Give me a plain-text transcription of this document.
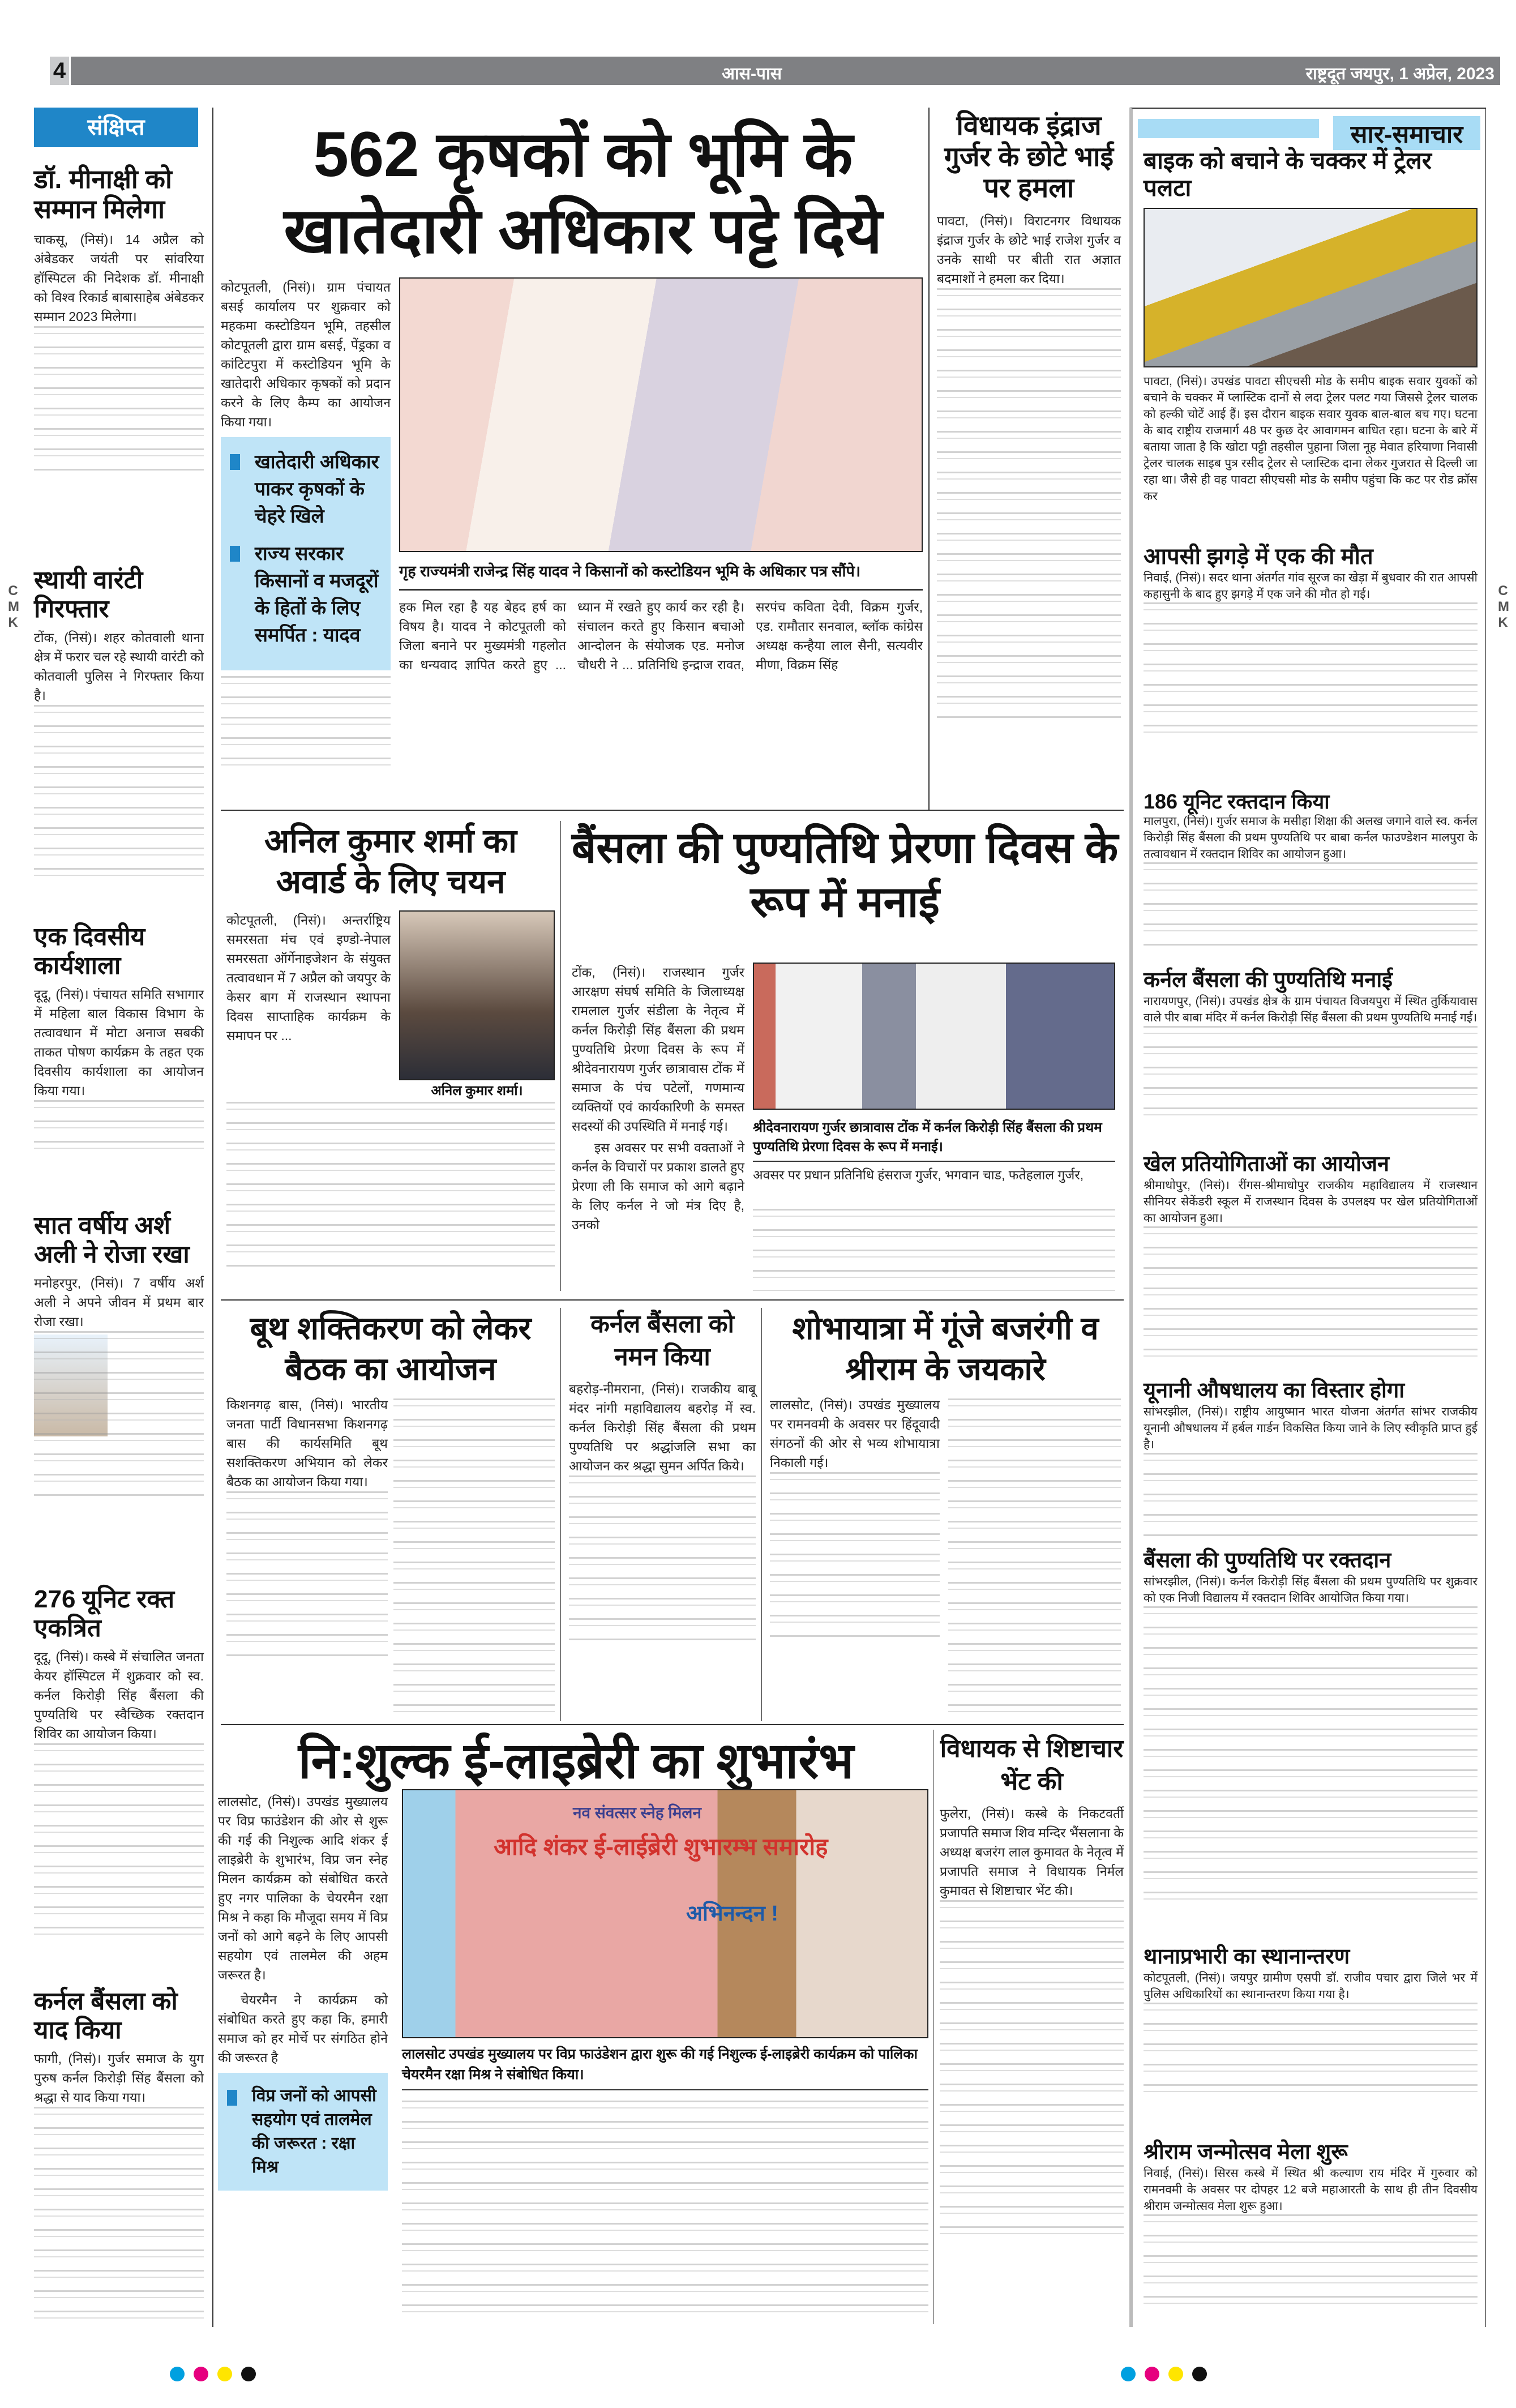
4	आस-पास	राष्ट्रदूत जयपुर, 1 अप्रेल, 2023
संक्षिप्त
डॉ. मीनाक्षी को सम्मान मिलेगा
चाकसू, (निसं)। 14 अप्रैल को अंबेडकर जयंती पर सांवरिया हॉस्पिटल की निदेशक डॉ. मीनाक्षी को विश्व रिकार्ड बाबासाहेब अंबेडकर सम्मान 2023 मिलेगा।
स्थायी वारंटी गिरफ्तार
टोंक, (निसं)। शहर कोतवाली थाना क्षेत्र में फरार चल रहे स्थायी वारंटी को कोतवाली पुलिस ने गिरफ्तार किया है।
एक दिवसीय कार्यशाला
दूदू, (निसं)। पंचायत समिति सभागार में महिला बाल विकास विभाग के तत्वावधान में मोटा अनाज सबकी ताकत पोषण कार्यक्रम के तहत एक दिवसीय कार्यशाला का आयोजन किया गया।
सात वर्षीय अर्श अली ने रोजा रखा
मनोहरपुर, (निसं)। 7 वर्षीय अर्श अली ने अपने जीवन में प्रथम बार रोजा रखा।
276 यूनिट रक्त एकत्रित
दूदू, (निसं)। कस्बे में संचालित जनता केयर हॉस्पिटल में शुक्रवार को स्व. कर्नल किरोड़ी सिंह बैंसला की पुण्यतिथि पर स्वैच्छिक रक्तदान शिविर का आयोजन किया।
कर्नल बैंसला को याद किया
फागी, (निसं)। गुर्जर समाज के युग पुरुष कर्नल किरोड़ी सिंह बैंसला को श्रद्धा से याद किया गया।
562 कृषकों को भूमि के खातेदारी अधिकार पट्टे दिये
कोटपूतली, (निसं)। ग्राम पंचायत बसई कार्यालय पर शुक्रवार को महकमा कस्टोडियन भूमि, तहसील कोटपूतली द्वारा ग्राम बसई, पेंड्रका व कांटिटपुरा में कस्टोडियन भूमि के खातेदारी अधिकार कृषकों को प्रदान करने के लिए कैम्प का आयोजन किया गया।
खातेदारी अधिकार पाकर कृषकों के चेहरे खिले
राज्य सरकार किसानों व मजदूरों के हितों के लिए समर्पित : यादव
गृह राज्यमंत्री राजेन्द्र सिंह यादव ने किसानों को कस्टोडियन भूमि के अधिकार पत्र सौंपे।
हक मिल रहा है यह बेहद हर्ष का विषय है। यादव ने कोटपूतली को जिला बनाने पर मुख्यमंत्री गहलोत का धन्यवाद ज्ञापित करते हुए ... ध्यान में रखते हुए कार्य कर रही है। संचालन करते हुए किसान बचाओ आन्दोलन के संयोजक एड. मनोज चौधरी ने ... प्रतिनिधि इन्द्राज रावत, सरपंच कविता देवी, विक्रम गुर्जर, एड. रामौतार सनवाल, ब्लॉक कांग्रेस अध्यक्ष कन्हैया लाल सैनी, सत्यवीर मीणा, विक्रम सिंह
विधायक इंद्राज गुर्जर के छोटे भाई पर हमला
पावटा, (निसं)। विराटनगर विधायक इंद्राज गुर्जर के छोटे भाई राजेश गुर्जर व उनके साथी पर बीती रात अज्ञात बदमाशों ने हमला कर दिया।
सार-समाचार
बाइक को बचाने के चक्कर में ट्रेलर पलटा
पावटा, (निसं)। उपखंड पावटा सीएचसी मोड के समीप बाइक सवार युवकों को बचाने के चक्कर में प्लास्टिक दानों से लदा ट्रेलर पलट गया जिससे ट्रेलर चालक को हल्की चोटें आई हैं। इस दौरान बाइक सवार युवक बाल-बाल बच गए। घटना के बाद राष्ट्रीय राजमार्ग 48 पर कुछ देर आवागमन बाधित रहा। घटना के बारे में बताया जाता है कि खोटा पट्टी तहसील पुहाना जिला नूह मेवात हरियाणा निवासी ट्रेलर चालक साइब पुत्र रसीद ट्रेलर से प्लास्टिक दाना लेकर गुजरात से दिल्ली जा रहा था। जैसे ही वह पावटा सीएचसी मोड के समीप पहुंचा कि कट पर रोड क्रॉस कर
आपसी झगड़े में एक की मौत
निवाई, (निसं)। सदर थाना अंतर्गत गांव सूरज का खेड़ा में बुधवार की रात आपसी कहासुनी के बाद हुए झगड़े में एक जने की मौत हो गई।
186 यूनिट रक्तदान किया
मालपुरा, (निसं)। गुर्जर समाज के मसीहा शिक्षा की अलख जगाने वाले स्व. कर्नल किरोड़ी सिंह बैंसला की प्रथम पुण्यतिथि पर बाबा कर्नल फाउण्डेशन मालपुरा के तत्वावधान में रक्तदान शिविर का आयोजन हुआ।
कर्नल बैंसला की पुण्यतिथि मनाई
नारायणपुर, (निसं)। उपखंड क्षेत्र के ग्राम पंचायत विजयपुरा में स्थित तुर्कियावास वाले पीर बाबा मंदिर में कर्नल किरोड़ी सिंह बैंसला की प्रथम पुण्यतिथि मनाई गई।
खेल प्रतियोगिताओं का आयोजन
श्रीमाधोपुर, (निसं)। रींगस-श्रीमाधोपुर राजकीय महाविद्यालय में राजस्थान सीनियर सेकेंडरी स्कूल में राजस्थान दिवस के उपलक्ष्य पर खेल प्रतियोगिताओं का आयोजन हुआ।
यूनानी औषधालय का विस्तार होगा
सांभरझील, (निसं)। राष्ट्रीय आयुष्मान भारत योजना अंतर्गत सांभर राजकीय यूनानी औषधालय में हर्बल गार्डन विकसित किया जाने के लिए स्वीकृति प्राप्त हुई है।
बैंसला की पुण्यतिथि पर रक्तदान
सांभरझील, (निसं)। कर्नल किरोड़ी सिंह बैंसला की प्रथम पुण्यतिथि पर शुक्रवार को एक निजी विद्यालय में रक्तदान शिविर आयोजित किया गया।
थानाप्रभारी का स्थानान्तरण
कोटपूतली, (निसं)। जयपुर ग्रामीण एसपी डॉ. राजीव पचार द्वारा जिले भर में पुलिस अधिकारियों का स्थानान्तरण किया गया है।
श्रीराम जन्मोत्सव मेला शुरू
निवाई, (निसं)। सिरस कस्बे में स्थित श्री कल्याण राय मंदिर में गुरुवार को रामनवमी के अवसर पर दोपहर 12 बजे महाआरती के साथ ही तीन दिवसीय श्रीराम जन्मोत्सव मेला शुरू हुआ।
अनिल कुमार शर्मा का अवार्ड के लिए चयन
कोटपूतली, (निसं)। अन्तर्राष्ट्रिय समरसता मंच एवं इण्डो-नेपाल समरसता ऑर्गेनाइजेशन के संयुक्त तत्वावधान में 7 अप्रैल को जयपुर के केसर बाग में राजस्थान स्थापना दिवस साप्ताहिक कार्यक्रम के समापन पर ...
अनिल कुमार शर्मा।
बैंसला की पुण्यतिथि प्रेरणा दिवस के रूप में मनाई
टोंक, (निसं)। राजस्थान गुर्जर आरक्षण संघर्ष समिति के जिलाध्यक्ष रामलाल गुर्जर संडीला के नेतृत्व में कर्नल किरोड़ी सिंह बैंसला की प्रथम पुण्यतिथि प्रेरणा दिवस के रूप में श्रीदेवनारायण गुर्जर छात्रावास टोंक में समाज के पंच पटेलों, गणमान्य व्यक्तियों एवं कार्यकारिणी के समस्त सदस्यों की उपस्थिति में मनाई गई।
इस अवसर पर सभी वक्ताओं ने कर्नल के विचारों पर प्रकाश डालते हुए प्रेरणा ली कि समाज को आगे बढ़ाने के लिए कर्नल ने जो मंत्र दिए है, उनको
श्रीदेवनारायण गुर्जर छात्रावास टोंक में कर्नल किरोड़ी सिंह बैंसला की प्रथम पुण्यतिथि प्रेरणा दिवस के रूप में मनाई।
अवसर पर प्रधान प्रतिनिधि हंसराज गुर्जर, भगवान चाड, फतेहलाल गुर्जर,
बूथ शक्तिकरण को लेकर बैठक का आयोजन
किशनगढ़ बास, (निसं)। भारतीय जनता पार्टी विधानसभा किशनगढ़ बास की कार्यसमिति बूथ सशक्तिकरण अभियान को लेकर बैठक का आयोजन किया गया।
कर्नल बैंसला को नमन किया
बहरोड़-नीमराना, (निसं)। राजकीय बाबू मंदर नांगी महाविद्यालय बहरोड़ में स्व. कर्नल किरोड़ी सिंह बैंसला की प्रथम पुण्यतिथि पर श्रद्धांजलि सभा का आयोजन कर श्रद्धा सुमन अर्पित किये।
शोभायात्रा में गूंजे बजरंगी व श्रीराम के जयकारे
लालसोट, (निसं)। उपखंड मुख्यालय पर रामनवमी के अवसर पर हिंदूवादी संगठनों की ओर से भव्य शोभायात्रा निकाली गई।
नि:शुल्क ई-लाइब्रेरी का शुभारंभ
लालसोट, (निसं)। उपखंड मुख्यालय पर विप्र फाउंडेशन की ओर से शुरू की गई की निशुल्क आदि शंकर ई लाइब्रेरी के शुभारंभ, विप्र जन स्नेह मिलन कार्यक्रम को संबोधित करते हुए नगर पालिका के चेयरमैन रक्षा मिश्र ने कहा कि मौजूदा समय में विप्र जनों को आगे बढ़ने के लिए आपसी सहयोग एवं तालमेल की अहम जरूरत है।
चेयरमैन ने कार्यक्रम को संबोधित करते हुए कहा कि, हमारी समाज को हर मोर्चे पर संगठित होने की जरूरत है
विप्र जनों को आपसी सहयोग एवं तालमेल की जरूरत : रक्षा मिश्र
नव संवत्सर स्नेह मिलन
आदि शंकर ई-लाईब्रेरी शुभारम्भ समारोह
अभिनन्दन !
लालसोट उपखंड मुख्यालय पर विप्र फाउंडेशन द्वारा शुरू की गई निशुल्क ई-लाइब्रेरी कार्यक्रम को पालिका चेयरमैन रक्षा मिश्र ने संबोधित किया।
विधायक से शिष्टाचार भेंट की
फुलेरा, (निसं)। कस्बे के निकटवर्ती प्रजापति समाज शिव मन्दिर भैंसलाना के अध्यक्ष बजरंग लाल कुमावत के नेतृत्व में प्रजापति समाज ने विधायक निर्मल कुमावत से शिष्टाचार भेंट की।
CMK
CMK
